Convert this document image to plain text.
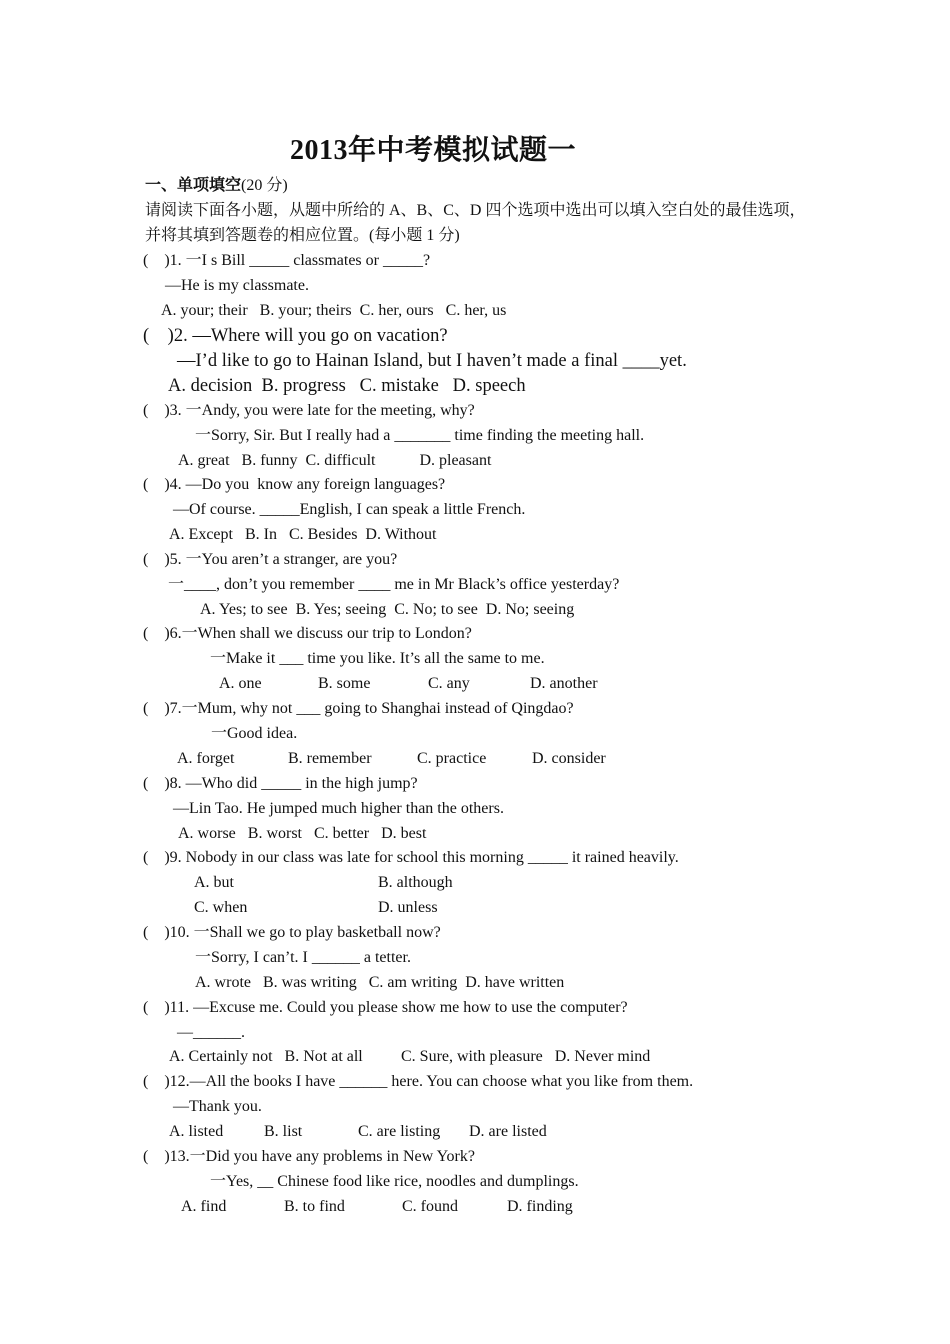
2013年中考模拟试题一
一、单项填空(20 分)
请阅读下面各小题，从题中所给的 A、B、C、D 四个选项中选出可以填入空白处的最佳选项，
并将其填到答题卷的相应位置。(每小题 1 分)
(    )1. 一I s Bill _____ classmates or _____?
—He is my classmate.
A. your; their   B. your; theirs  C. her, ours   C. her, us
(    )2. —Where will you go on vacation?
—I’d like to go to Hainan Island, but I haven’t made a final ____yet.
A. decision  B. progress   C. mistake   D. speech
(    )3. 一Andy, you were late for the meeting, why?
一Sorry, Sir. But I really had a _______ time finding the meeting hall.
A. great   B. funny  C. difficult           D. pleasant
(    )4. —Do you  know any foreign languages?
—Of course. _____English, I can speak a little French.
A. Except   B. In   C. Besides  D. Without
(    )5. 一You aren’t a stranger, are you?
一____, don’t you remember ____ me in Mr Black’s office yesterday?
A. Yes; to see  B. Yes; seeing  C. No; to see  D. No; seeing
(    )6.一When shall we discuss our trip to London?
一Make it ___ time you like. It’s all the same to me.
A. one	B. some	C. any	D. another
(    )7.一Mum, why not ___ going to Shanghai instead of Qingdao?
一Good idea.
A. forget	B. remember	C. practice	D. consider
(    )8. —Who did _____ in the high jump?
—Lin Tao. He jumped much higher than the others.
A. worse   B. worst   C. better   D. best
(    )9. Nobody in our class was late for school this morning _____ it rained heavily.
A. but	B. although
C. when	D. unless
(    )10. 一Shall we go to play basketball now?
一Sorry, I can’t. I ______ a tetter.
A. wrote   B. was writing   C. am writing  D. have written
(    )11. —Excuse me. Could you please show me how to use the computer?
—______.
A. Certainly not   B. Not at all C. Sure, with pleasure   D. Never mind
(    )12.—All the books I have ______ here. You can choose what you like from them.
—Thank you.
A. listed	B. list	C. are listing D. are listed
(    )13.一Did you have any problems in New York?
一Yes, __ Chinese food like rice, noodles and dumplings.
A. find	B. to find	C. found	D. finding
